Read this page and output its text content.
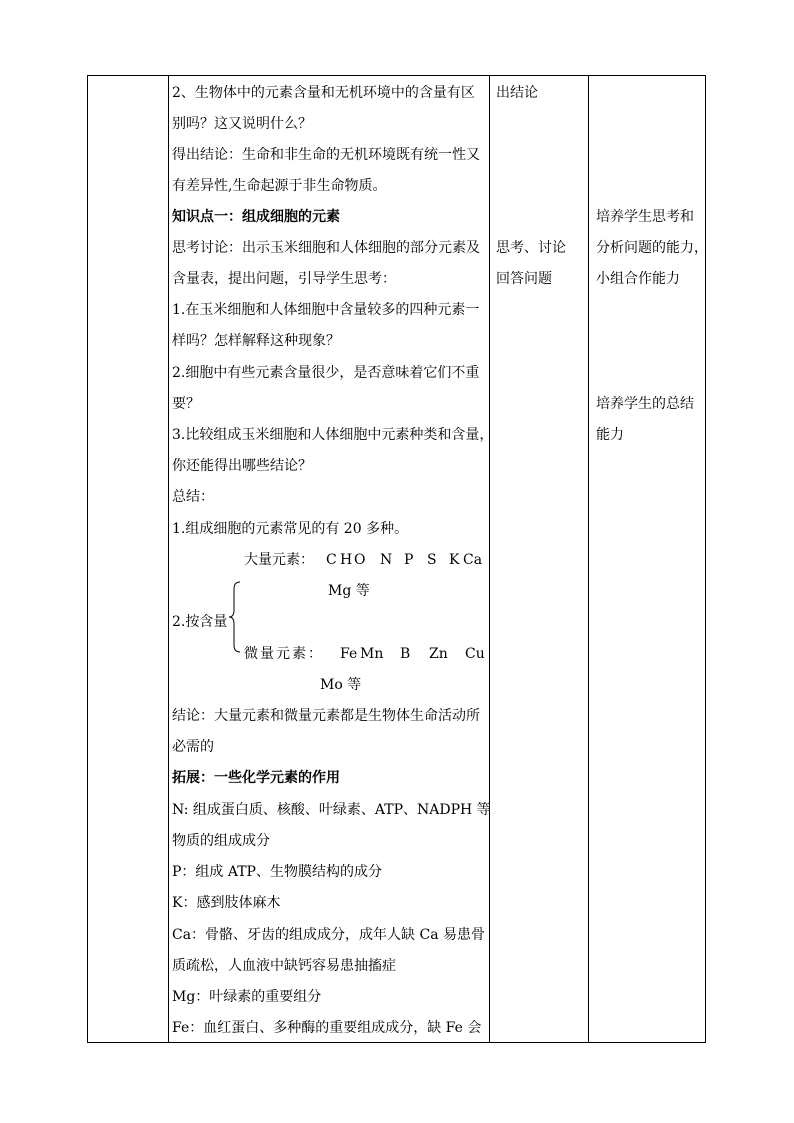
2、生物体中的元素含量和无机环境中的含量有区
别吗？这又说明什么？
得出结论：生命和非生命的无机环境既有统一性又
有差异性,生命起源于非生命物质。
知识点一：组成细胞的元素
思考讨论：出示玉米细胞和人体细胞的部分元素及
含量表，提出问题，引导学生思考：
1.在玉米细胞和人体细胞中含量较多的四种元素一
样吗？怎样解释这种现象？
2.细胞中有些元素含量很少，是否意味着它们不重
要？
3.比较组成玉米细胞和人体细胞中元素种类和含量，
你还能得出哪些结论？
总结：
1.组成细胞的元素常见的有 20 多种。
大量元素： C H O N P S K Ca
Mg 等
2.按含量
微量元素： Fe Mn B Zn Cu
Mo 等
结论：大量元素和微量元素都是生物体生命活动所
必需的
拓展：一些化学元素的作用
N: 组成蛋白质、核酸、叶绿素、ATP、NADPH 等
物质的组成成分
P：组成 ATP、生物膜结构的成分
K：感到肢体麻木
Ca：骨骼、牙齿的组成成分，成年人缺 Ca 易患骨
质疏松，人血液中缺钙容易患抽搐症
Mg：叶绿素的重要组分
Fe：血红蛋白、多种酶的重要组成成分，缺 Fe 会
出结论
思考、讨论
回答问题
培养学生思考和
分析问题的能力，
小组合作能力
培养学生的总结
能力
